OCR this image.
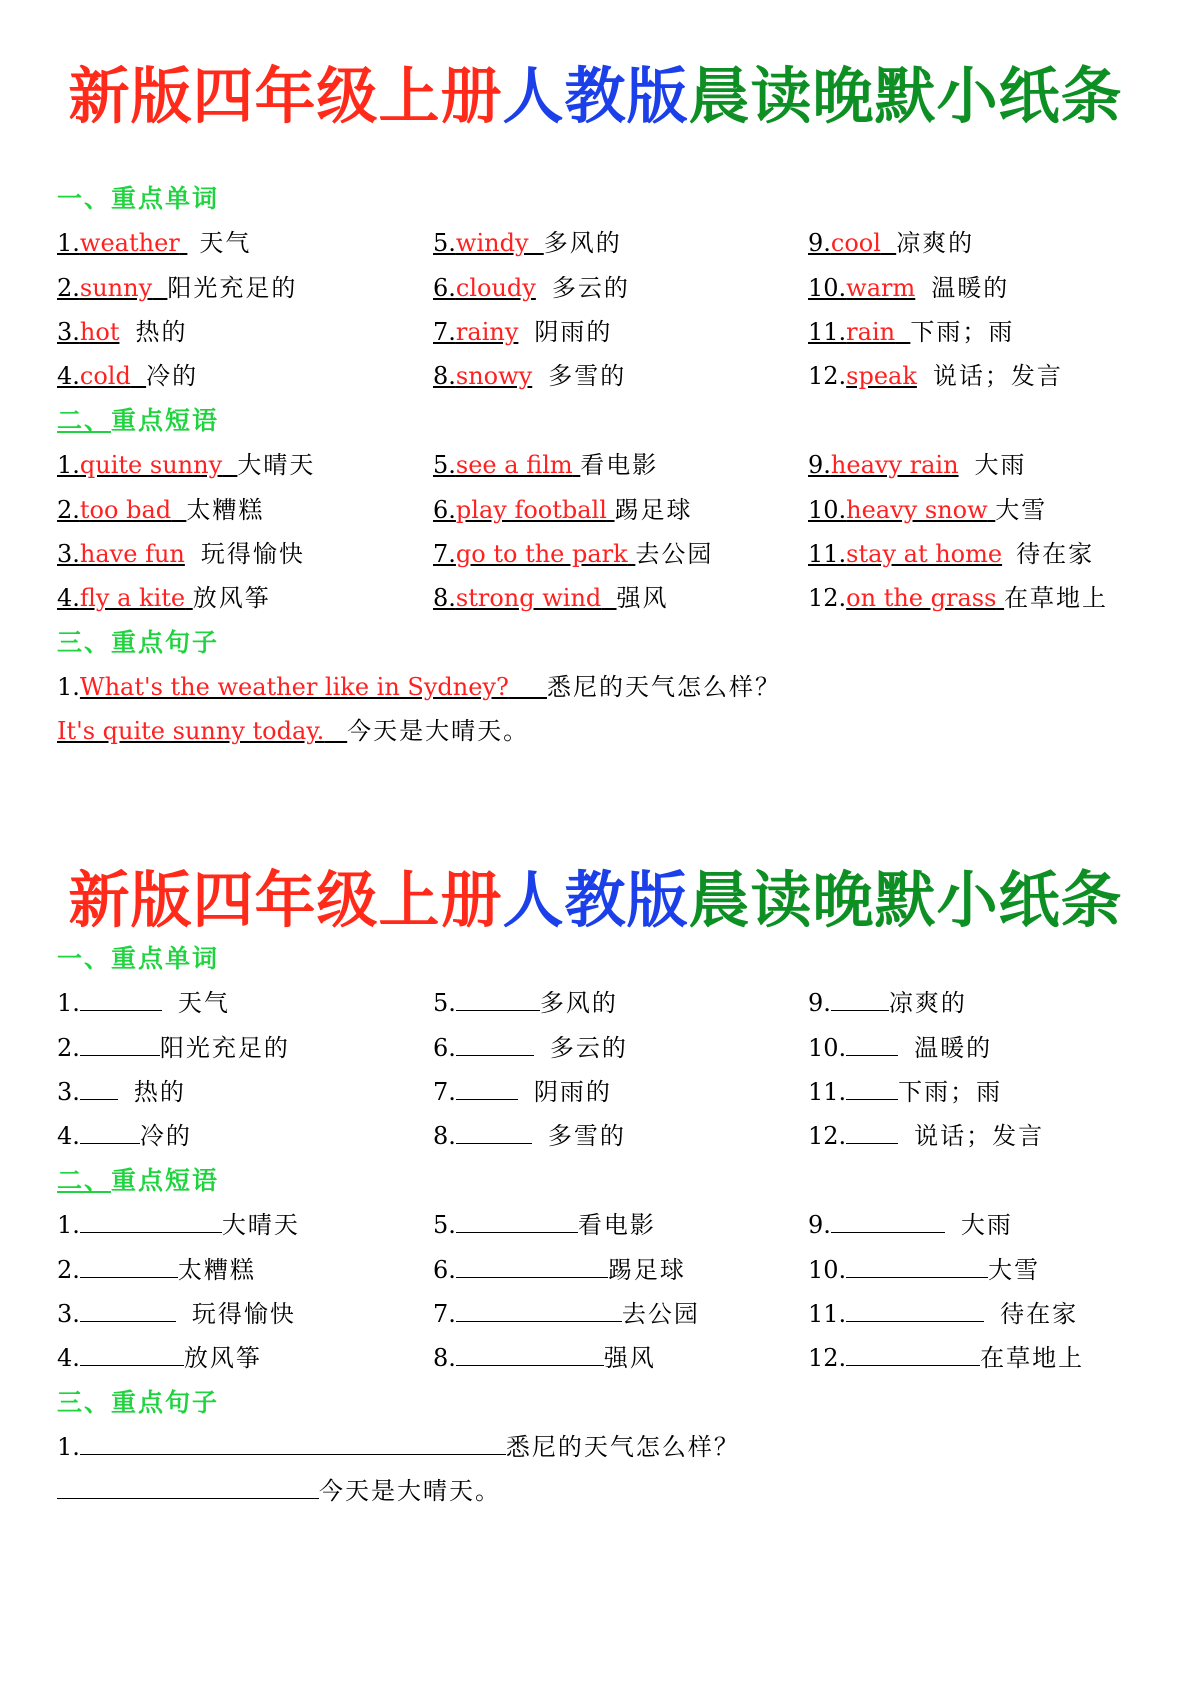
新版四年级上册人教版晨读晚默小纸条
一、重点单词
二、重点短语
三、重点句子
1.weather 天气
2.sunny 阳光充足的
3.hot 热的
4.cold 冷的
5.windy 多风的
6.cloudy 多云的
7.rainy 阴雨的
8.snowy 多雪的
9.cool 凉爽的
10.warm 温暖的
11.rain 下雨；雨
12.speak 说话；发言
1.quite sunny 大晴天
2.too bad 太糟糕
3.have fun 玩得愉快
4.fly a kite 放风筝
5.see a film 看电影
6.play football 踢足球
7.go to the park 去公园
8.strong wind 强风
9.heavy rain 大雨
10.heavy snow 大雪
11.stay at home 待在家
12.on the grass 在草地上
1.What's the weather like in Sydney? 悉尼的天气怎么样？
It's quite sunny today. 今天是大晴天。
新版四年级上册人教版晨读晚默小纸条
一、重点单词
二、重点短语
三、重点句子
1.	天气
2.	阳光充足的
3. 热的
4.	冷的
5.	多风的
6.	多云的
7.	阴雨的
8.	多雪的
9. 凉爽的
10.	温暖的
11. 下雨；雨
12.	说话；发言
1.	大晴天
2.	太糟糕
3.	玩得愉快
4.	放风筝
5.	看电影
6.	踢足球
7.	去公园
8.	强风
9.	大雨
10.	大雪
11.	待在家
12.	在草地上
1.	悉尼的天气怎么样？
今天是大晴天。
